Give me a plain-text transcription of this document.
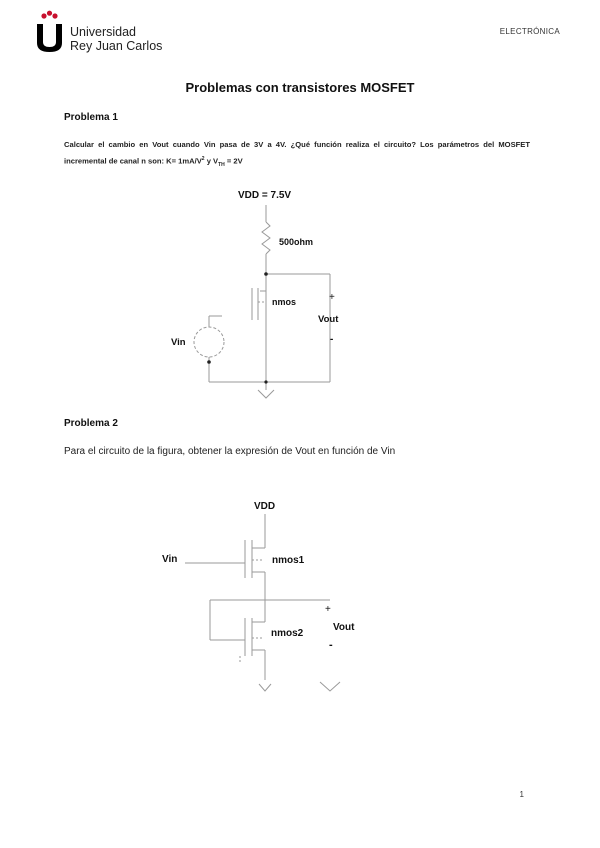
Universidad
Rey Juan Carlos
ELECTRÓNICA
Problemas con transistores MOSFET
Problema 1
Calcular el cambio en Vout cuando Vin pasa de 3V a 4V. ¿Qué función realiza el circuito? Los parámetros del MOSFET incremental de canal n son: $K= 1mA/V^2$ y $V_{TH} = 2V$
VDD = 7.5V
500ohm
nmos	+
Vout
-
Vin
Problema 2
Para el circuito de la figura, obtener la expresión de Vout en función de Vin
VDD
Vin	nmos1
nmos2
+
Vout
-
1
